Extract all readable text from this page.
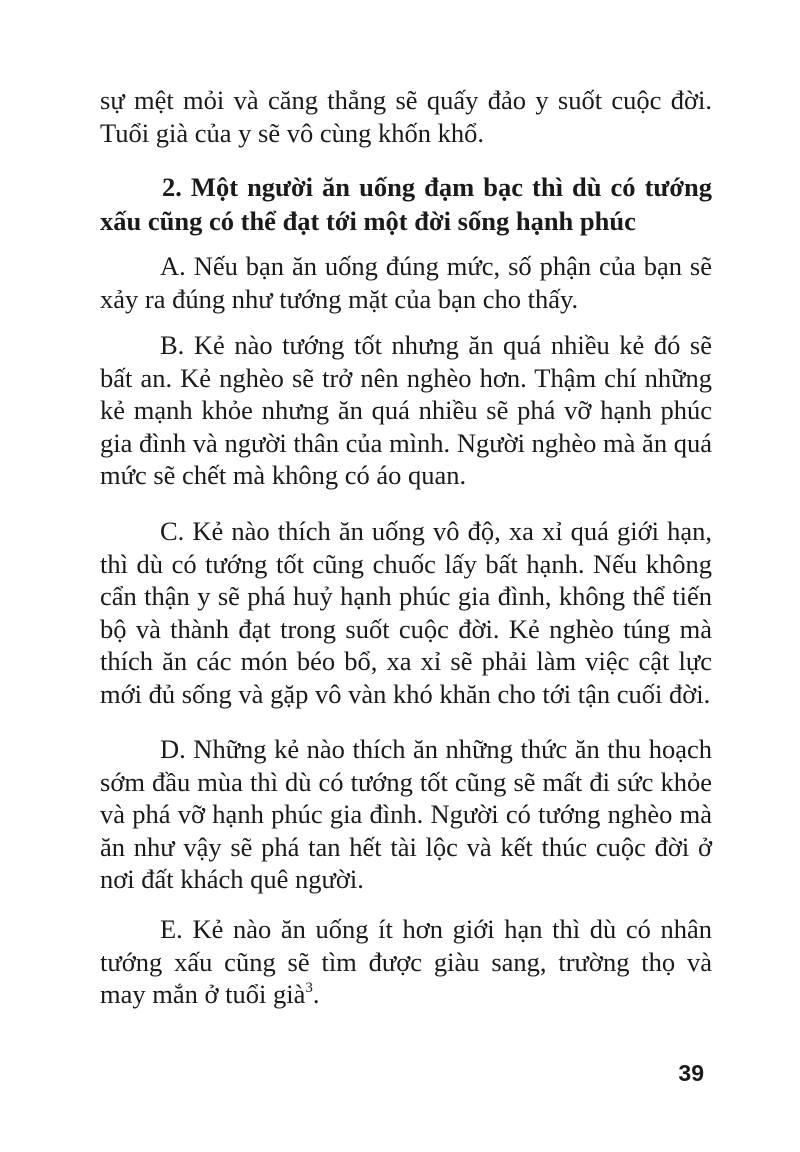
sự mệt mỏi và căng thẳng sẽ quấy đảo y suốt cuộc đời. Tuổi già của y sẽ vô cùng khốn khổ.

2. Một người ăn uống đạm bạc thì dù có tướng xấu cũng có thể đạt tới một đời sống hạnh phúc

A. Nếu bạn ăn uống đúng mức, số phận của bạn sẽ xảy ra đúng như tướng mặt của bạn cho thấy.

B. Kẻ nào tướng tốt nhưng ăn quá nhiều kẻ đó sẽ bất an. Kẻ nghèo sẽ trở nên nghèo hơn. Thậm chí những kẻ mạnh khỏe nhưng ăn quá nhiều sẽ phá vỡ hạnh phúc gia đình và người thân của mình. Người nghèo mà ăn quá mức sẽ chết mà không có áo quan.

C. Kẻ nào thích ăn uống vô độ, xa xỉ quá giới hạn, thì dù có tướng tốt cũng chuốc lấy bất hạnh. Nếu không cẩn thận y sẽ phá huỷ hạnh phúc gia đình, không thể tiến bộ và thành đạt trong suốt cuộc đời. Kẻ nghèo túng mà thích ăn các món béo bổ, xa xỉ sẽ phải làm việc cật lực mới đủ sống và gặp vô vàn khó khăn cho tới tận cuối đời.

D. Những kẻ nào thích ăn những thức ăn thu hoạch sớm đầu mùa thì dù có tướng tốt cũng sẽ mất đi sức khỏe và phá vỡ hạnh phúc gia đình. Người có tướng nghèo mà ăn như vậy sẽ phá tan hết tài lộc và kết thúc cuộc đời ở nơi đất khách quê người.

E. Kẻ nào ăn uống ít hơn giới hạn thì dù có nhân tướng xấu cũng sẽ tìm được giàu sang, trường thọ và may mắn ở tuổi già$^3$.

39
